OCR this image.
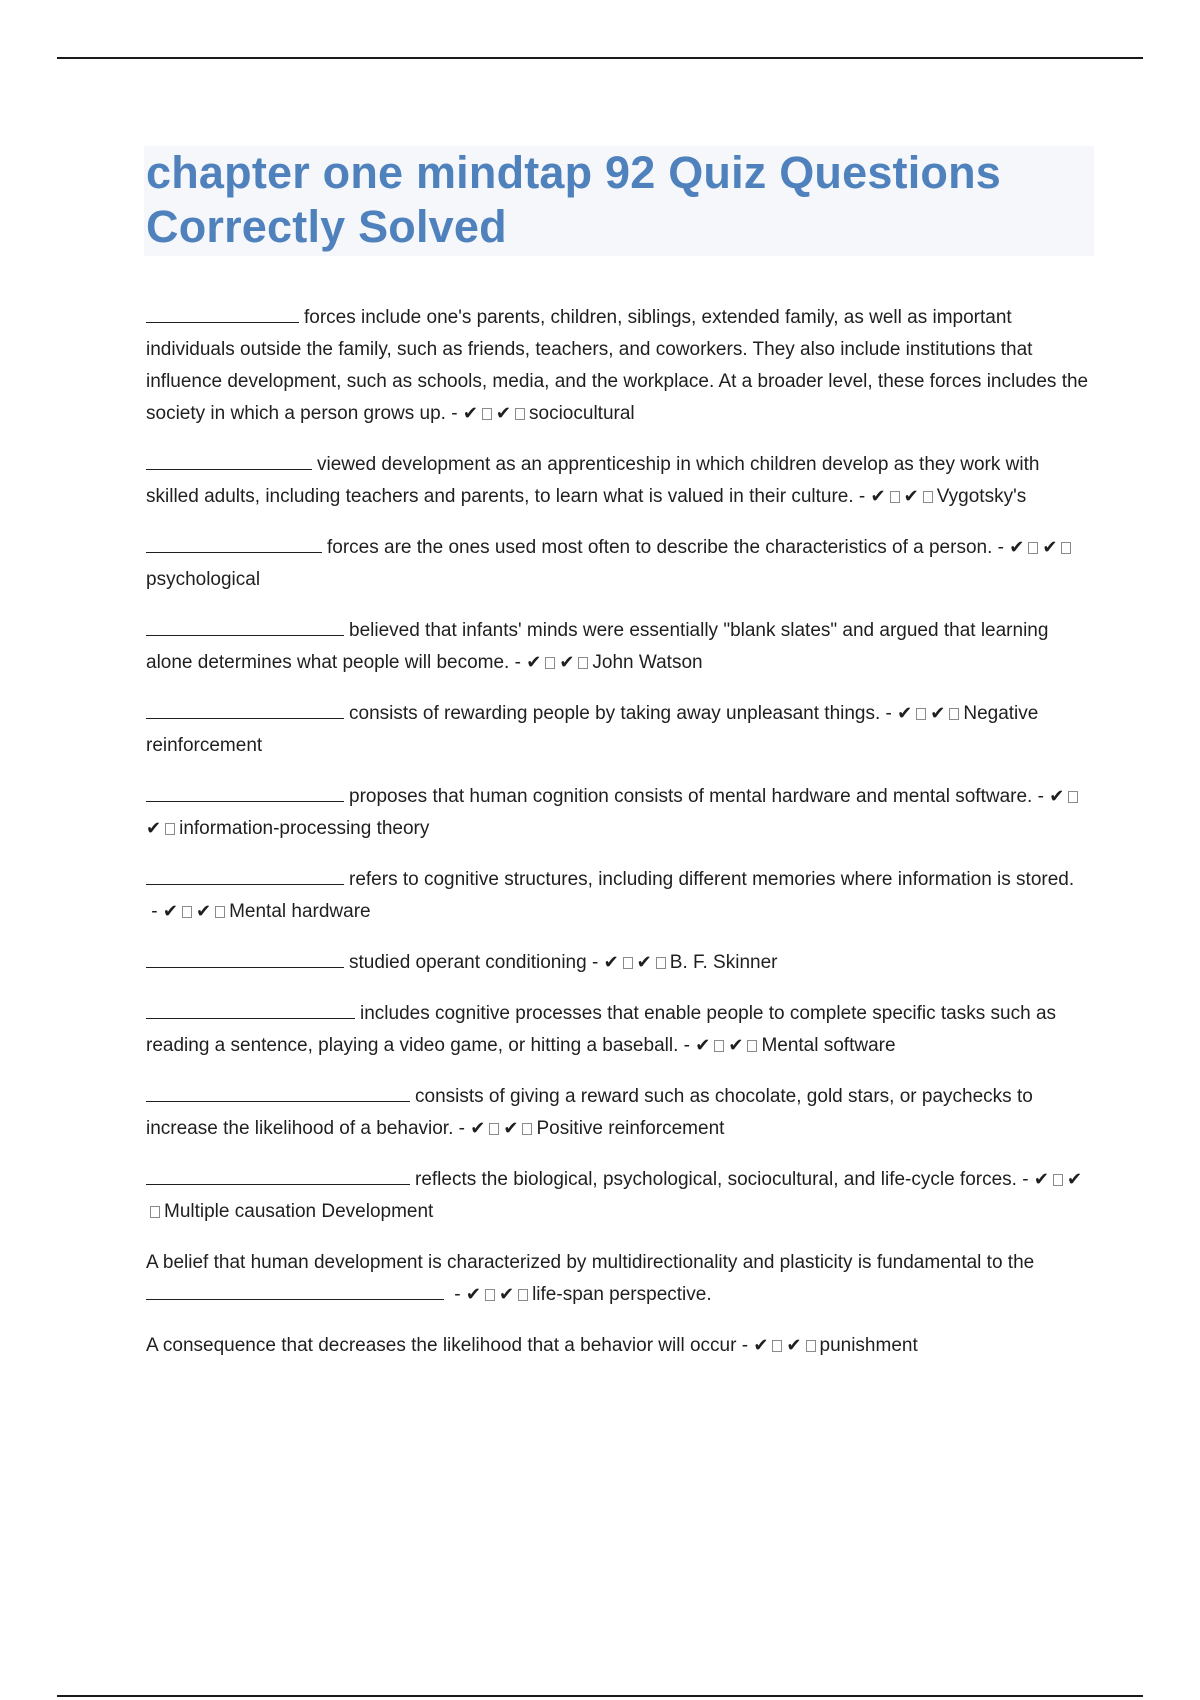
chapter one mindtap 92 Quiz Questions Correctly Solved

forces include one's parents, children, siblings, extended family, as well as important individuals outside the family, such as friends, teachers, and coworkers. They also include institutions that influence development, such as schools, media, and the workplace. At a broader level, these forces includes the society in which a person grows up. - ✔ ✔ sociocultural

viewed development as an apprenticeship in which children develop as they work with skilled adults, including teachers and parents, to learn what is valued in their culture. - ✔ ✔ Vygotsky's

forces are the ones used most often to describe the characteristics of a person. - ✔ ✔psychological

believed that infants' minds were essentially "blank slates" and argued that learning alone determines what people will become. - ✔ ✔ John Watson

consists of rewarding people by taking away unpleasant things. - ✔ ✔ Negative reinforcement

proposes that human cognition consists of mental hardware and mental software. - ✔✔ information-processing theory

refers to cognitive structures, including different memories where information is stored. - ✔ ✔ Mental hardware

studied operant conditioning - ✔ ✔ B. F. Skinner

includes cognitive processes that enable people to complete specific tasks such as reading a sentence, playing a video game, or hitting a baseball. - ✔ ✔ Mental software

consists of giving a reward such as chocolate, gold stars, or paychecks to increase the likelihood of a behavior. - ✔ ✔ Positive reinforcement

reflects the biological, psychological, sociocultural, and life-cycle forces. - ✔ ✔Multiple causation Development

A belief that human development is characterized by multidirectionality and plasticity is fundamental to the  - ✔ ✔ life-span perspective.

A consequence that decreases the likelihood that a behavior will occur - ✔ ✔ punishment
